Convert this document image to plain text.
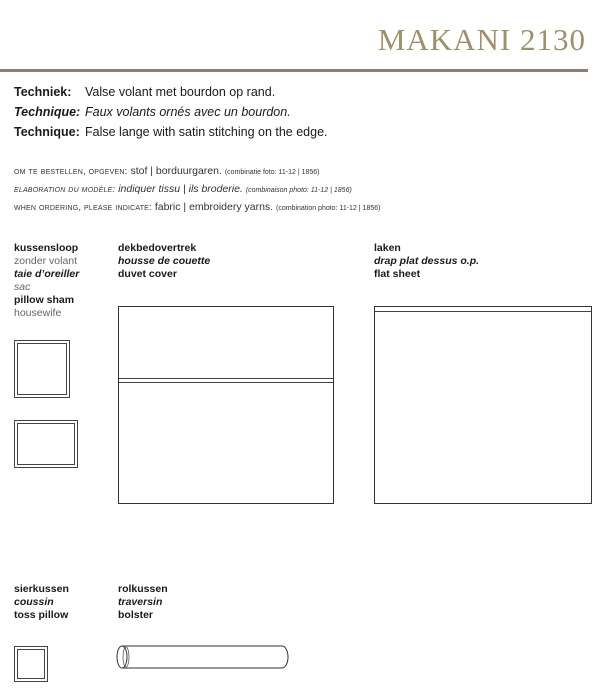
MAKANI 2130
Techniek: Valse volant met bourdon op rand.
Technique: Faux volants ornés avec un bourdon.
Technique: False lange with satin stitching on the edge.
om te bestellen, opgeven: stof | borduurgaren. (combinatie foto: 11-12 | 1856)
elaboration du modèle: indiquer tissu | ils broderie. (combinaison photo: 11-12 | 1856)
when ordering, please indicate: fabric | embroidery yarns. (combination photo: 11-12 | 1856)
kussensloop
zonder volant
taie d’oreiller
sac
pillow sham
housewife
dekbedovertrek
housse de couette
duvet cover
laken
drap plat dessus o.p.
flat sheet
sierkussen
coussin
toss pillow
rolkussen
traversin
bolster
